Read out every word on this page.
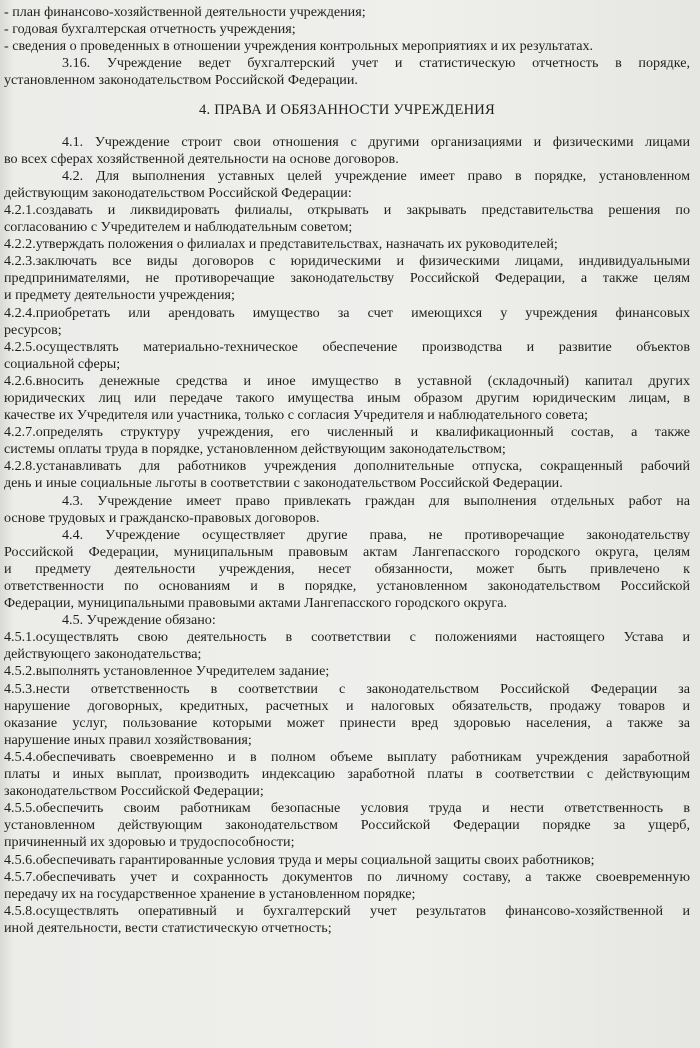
- план финансово-хозяйственной деятельности учреждения;
- годовая бухгалтерская отчетность учреждения;
- сведения о проведенных в отношении учреждения контрольных мероприятиях и их результатах.
3.16. Учреждение ведет бухгалтерский учет и статистическую отчетность в порядке,
установленном законодательством Российской Федерации.
4. ПРАВА И ОБЯЗАННОСТИ УЧРЕЖДЕНИЯ
4.1. Учреждение строит свои отношения с другими организациями и физическими лицами
во всех сферах хозяйственной деятельности на основе договоров.
4.2. Для выполнения уставных целей учреждение имеет право в порядке, установленном
действующим законодательством Российской Федерации:
4.2.1.создавать и ликвидировать филиалы, открывать и закрывать представительства решения по
согласованию с Учредителем и наблюдательным советом;
4.2.2.утверждать положения о филиалах и представительствах, назначать их руководителей;
4.2.3.заключать все виды договоров с юридическими и физическими лицами, индивидуальными
предпринимателями, не противоречащие законодательству Российской Федерации, а также целям
и предмету деятельности учреждения;
4.2.4.приобретать или арендовать имущество за счет имеющихся у учреждения финансовых
ресурсов;
4.2.5.осуществлять материально-техническое обеспечение производства и развитие объектов
социальной сферы;
4.2.6.вносить денежные средства и иное имущество в уставной (складочный) капитал других
юридических лиц или передаче такого имущества иным образом другим юридическим лицам, в
качестве их Учредителя или участника, только с согласия Учредителя и наблюдательного совета;
4.2.7.определять структуру учреждения, его численный и квалификационный состав, а также
системы оплаты труда в порядке, установленном действующим законодательством;
4.2.8.устанавливать для работников учреждения дополнительные отпуска, сокращенный рабочий
день и иные социальные льготы в соответствии с законодательством Российской Федерации.
4.3. Учреждение имеет право привлекать граждан для выполнения отдельных работ на
основе трудовых и гражданско-правовых договоров.
4.4. Учреждение осуществляет другие права, не противоречащие законодательству
Российской Федерации, муниципальным правовым актам Лангепасского городского округа, целям
и предмету деятельности учреждения, несет обязанности, может быть привлечено к
ответственности по основаниям и в порядке, установленном законодательством Российской
Федерации, муниципальными правовыми актами Лангепасского городского округа.
4.5. Учреждение обязано:
4.5.1.осуществлять свою деятельность в соответствии с положениями настоящего Устава и
действующего законодательства;
4.5.2.выполнять установленное Учредителем задание;
4.5.3.нести ответственность в соответствии с законодательством Российской Федерации за
нарушение договорных, кредитных, расчетных и налоговых обязательств, продажу товаров и
оказание услуг, пользование которыми может принести вред здоровью населения, а также за
нарушение иных правил хозяйствования;
4.5.4.обеспечивать своевременно и в полном объеме выплату работникам учреждения заработной
платы и иных выплат, производить индексацию заработной платы в соответствии с действующим
законодательством Российской Федерации;
4.5.5.обеспечить своим работникам безопасные условия труда и нести ответственность в
установленном действующим законодательством Российской Федерации порядке за ущерб,
причиненный их здоровью и трудоспособности;
4.5.6.обеспечивать гарантированные условия труда и меры социальной защиты своих работников;
4.5.7.обеспечивать учет и сохранность документов по личному составу, а также своевременную
передачу их на государственное хранение в установленном порядке;
4.5.8.осуществлять оперативный и бухгалтерский учет результатов финансово-хозяйственной и
иной деятельности, вести статистическую отчетность;
